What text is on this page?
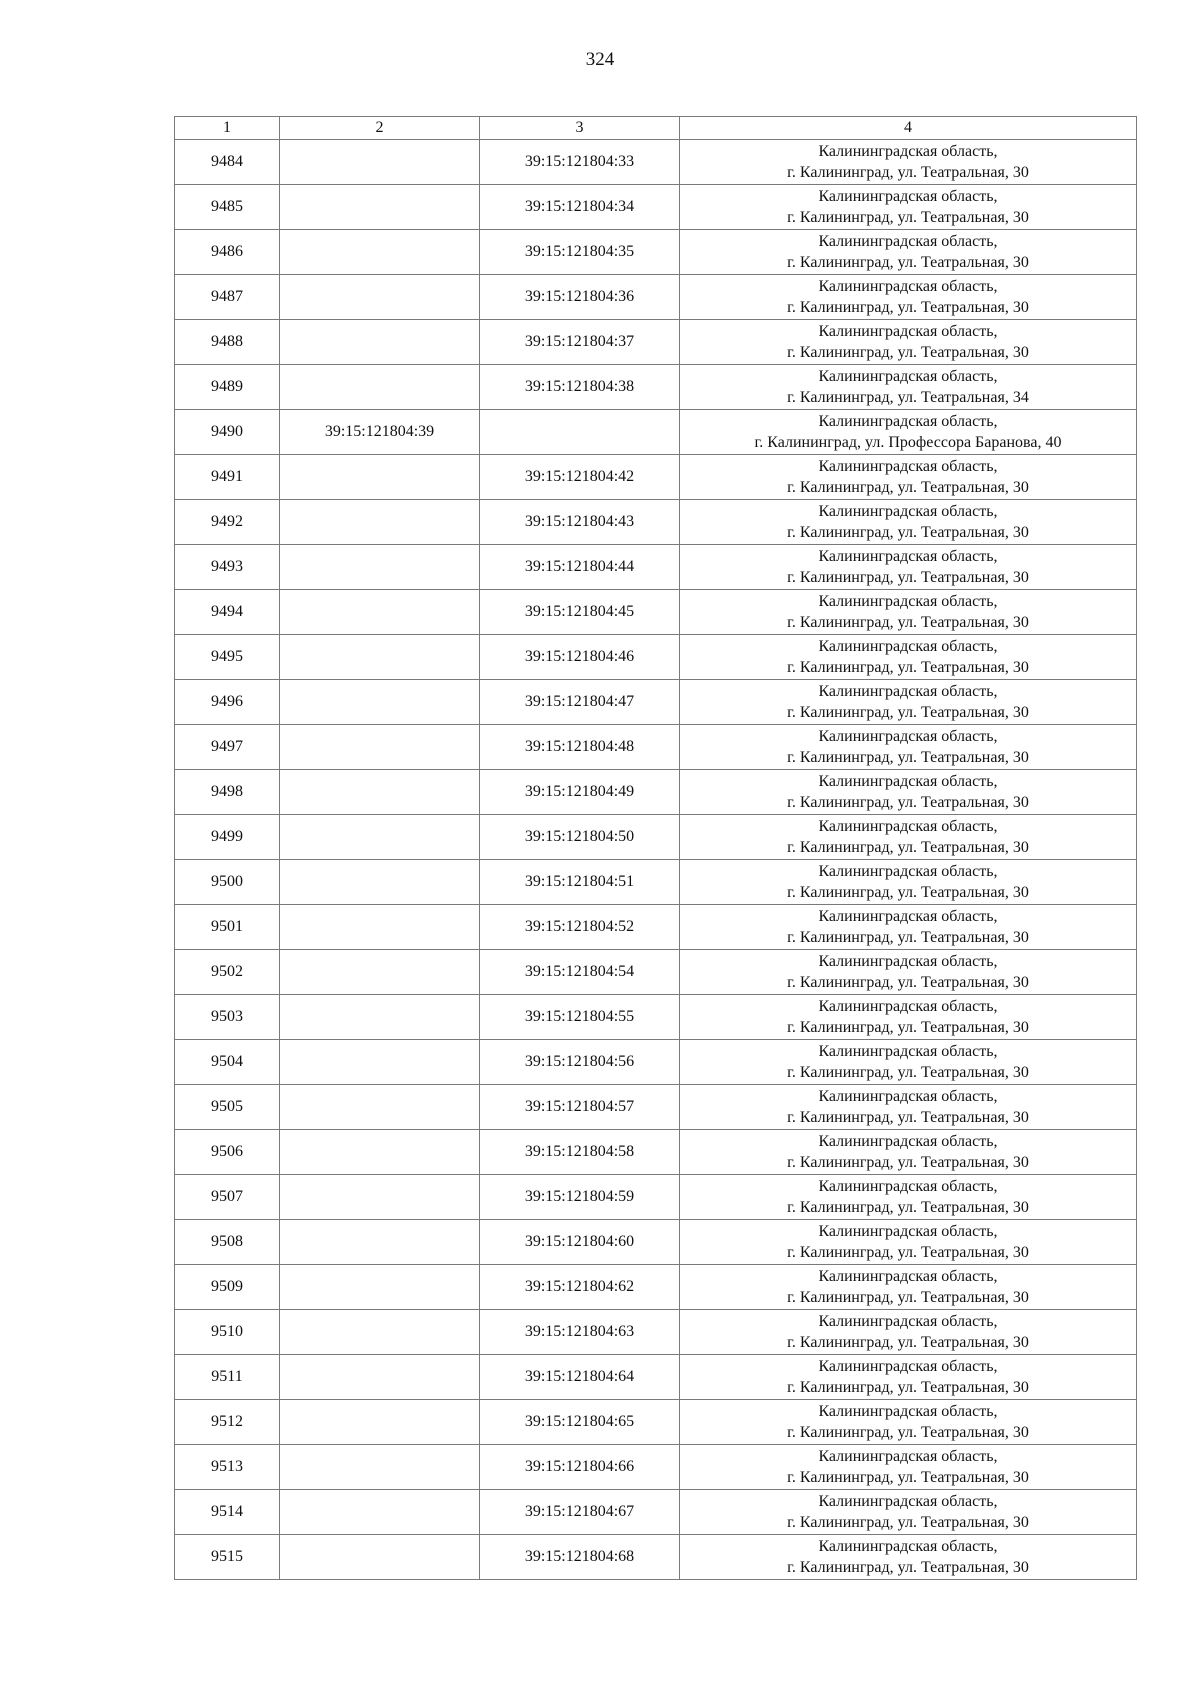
324
1	2	3	4
9484		39:15:121804:33	Калининградская область,
г. Калининград, ул. Театральная, 30

9485		39:15:121804:34	Калининградская область,
г. Калининград, ул. Театральная, 30

9486		39:15:121804:35	Калининградская область,
г. Калининград, ул. Театральная, 30

9487		39:15:121804:36	Калининградская область,
г. Калининград, ул. Театральная, 30

9488		39:15:121804:37	Калининградская область,
г. Калининград, ул. Театральная, 30

9489		39:15:121804:38	Калининградская область,
г. Калининград, ул. Театральная, 34

9490	39:15:121804:39		Калининградская область,
г. Калининград, ул. Профессора Баранова, 40

9491		39:15:121804:42	Калининградская область,
г. Калининград, ул. Театральная, 30

9492		39:15:121804:43	Калининградская область,
г. Калининград, ул. Театральная, 30

9493		39:15:121804:44	Калининградская область,
г. Калининград, ул. Театральная, 30

9494		39:15:121804:45	Калининградская область,
г. Калининград, ул. Театральная, 30

9495		39:15:121804:46	Калининградская область,
г. Калининград, ул. Театральная, 30

9496		39:15:121804:47	Калининградская область,
г. Калининград, ул. Театральная, 30

9497		39:15:121804:48	Калининградская область,
г. Калининград, ул. Театральная, 30

9498		39:15:121804:49	Калининградская область,
г. Калининград, ул. Театральная, 30

9499		39:15:121804:50	Калининградская область,
г. Калининград, ул. Театральная, 30

9500		39:15:121804:51	Калининградская область,
г. Калининград, ул. Театральная, 30

9501		39:15:121804:52	Калининградская область,
г. Калининград, ул. Театральная, 30

9502		39:15:121804:54	Калининградская область,
г. Калининград, ул. Театральная, 30

9503		39:15:121804:55	Калининградская область,
г. Калининград, ул. Театральная, 30

9504		39:15:121804:56	Калининградская область,
г. Калининград, ул. Театральная, 30

9505		39:15:121804:57	Калининградская область,
г. Калининград, ул. Театральная, 30

9506		39:15:121804:58	Калининградская область,
г. Калининград, ул. Театральная, 30

9507		39:15:121804:59	Калининградская область,
г. Калининград, ул. Театральная, 30

9508		39:15:121804:60	Калининградская область,
г. Калининград, ул. Театральная, 30

9509		39:15:121804:62	Калининградская область,
г. Калининград, ул. Театральная, 30

9510		39:15:121804:63	Калининградская область,
г. Калининград, ул. Театральная, 30

9511		39:15:121804:64	Калининградская область,
г. Калининград, ул. Театральная, 30

9512		39:15:121804:65	Калининградская область,
г. Калининград, ул. Театральная, 30

9513		39:15:121804:66	Калининградская область,
г. Калининград, ул. Театральная, 30

9514		39:15:121804:67	Калининградская область,
г. Калининград, ул. Театральная, 30

9515		39:15:121804:68	Калининградская область,
г. Калининград, ул. Театральная, 30
